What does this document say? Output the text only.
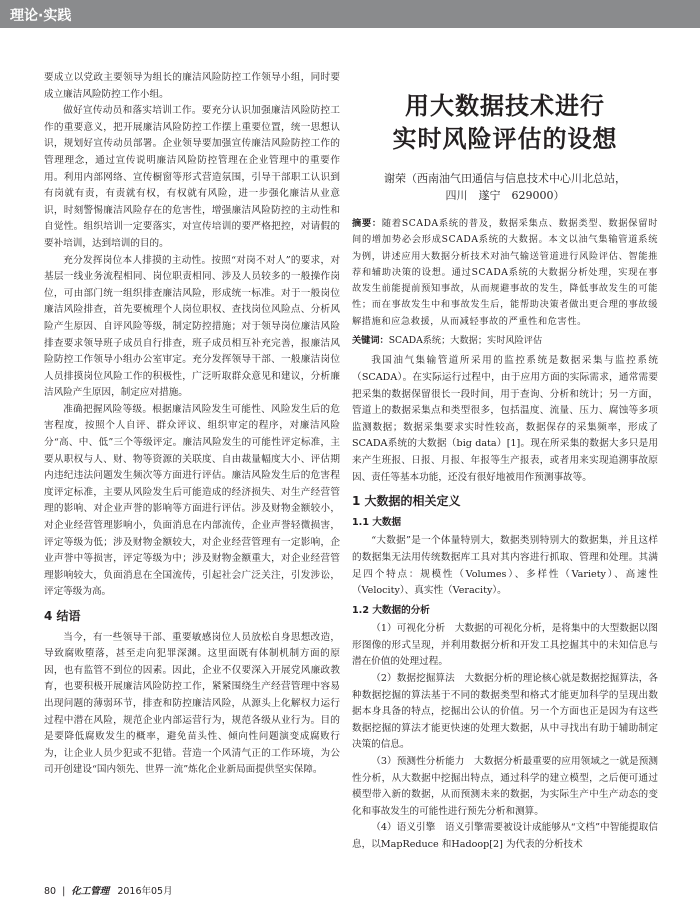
理论·实践

要成立以党政主要领导为组长的廉洁风险防控工作领导小组，同时要成立廉洁风险防控工作小组。

做好宣传动员和落实培训工作。要充分认识加强廉洁风险防控工作的重要意义，把开展廉洁风险防控工作摆上重要位置，统一思想认识，规划好宣传动员部署。企业领导要加强宣传廉洁风险防控工作的管理理念，通过宣传说明廉洁风险防控管理在企业管理中的重要作用。利用内部网络、宣传橱窗等形式营造氛围，引导干部职工认识到有岗就有责，有责就有权，有权就有风险，进一步强化廉洁从业意识，时刻警惕廉洁风险存在的危害性，增强廉洁风险防控的主动性和自觉性。组织培训一定要落实，对宣传培训的要严格把控，对请假的要补培训，达到培训的目的。

充分发挥岗位本人排摸的主动性。按照“对岗不对人”的要求，对基层一线业务流程相同、岗位职责相同、涉及人员较多的一般操作岗位，可由部门统一组织排查廉洁风险，形成统一标准。对于一般岗位廉洁风险排查，首先要梳理个人岗位职权、查找岗位风险点、分析风险产生原因、自评风险等级，制定防控措施；对于领导岗位廉洁风险排查要求领导班子成员自行排查，班子成员相互补充完善，报廉洁风险防控工作领导小组办公室审定。充分发挥领导干部、一般廉洁岗位人员排摸岗位风险工作的积极性，广泛听取群众意见和建议，分析廉洁风险产生原因，制定应对措施。

准确把握风险等级。根据廉洁风险发生可能性、风险发生后的危害程度，按照个人自评、群众评议、组织审定的程序，对廉洁风险分“高、中、低”三个等级评定。廉洁风险发生的可能性评定标准，主要从职权与人、财、物等资源的关联度、自由裁量幅度大小、评估期内违纪违法问题发生频次等方面进行评估。廉洁风险发生后的危害程度评定标准，主要从风险发生后可能造成的经济损失、对生产经营管理的影响、对企业声誉的影响等方面进行评估。涉及财物金额较小，对企业经营管理影响小，负面消息在内部流传，企业声誉轻微损害，评定等级为低；涉及财物金额较大，对企业经营管理有一定影响，企业声誉中等损害，评定等级为中；涉及财物金额重大，对企业经营管理影响较大，负面消息在全国流传，引起社会广泛关注，引发涉讼，评定等级为高。

4 结语

当今，有一些领导干部、重要敏感岗位人员放松自身思想改造，导致腐败堕落，甚至走向犯罪深渊。这里面既有体制机制方面的原因，也有监管不到位的因素。因此，企业不仅要深入开展党风廉政教育，也要积极开展廉洁风险防控工作，紧紧围绕生产经营管理中容易出现问题的薄弱环节，排查和防控廉洁风险，从源头上化解权力运行过程中潜在风险，规范企业内部运营行为，规范各级从业行为。目的是要降低腐败发生的概率，避免苗头性、倾向性问题演变成腐败行为，让企业人员少犯或不犯错。营造一个风清气正的工作环境，为公司开创建设“国内领先、世界一流”炼化企业新局面提供坚实保障。

用大数据技术进行
实时风险评估的设想
谢荣（西南油气田通信与信息技术中心川北总站，
四川　遂宁　629000）
摘要：随着SCADA系统的普及，数据采集点、数据类型、数据保留时间的增加势必会形成SCADA系统的大数据。本文以油气集输管道系统为例，讲述应用大数据分析技术对油气输送管道进行风险评估、智能推荐和辅助决策的设想。通过SCADA系统的大数据分析处理，实现在事故发生前能提前预知事故，从而规避事故的发生，降低事故发生的可能性；而在事故发生中和事故发生后，能帮助决策者做出更合理的事故缓解措施和应急救援，从而减轻事故的严重性和危害性。
关键词：SCADA系统；大数据；实时风险评估

我国油气集输管道所采用的监控系统是数据采集与监控系统（SCADA）。在实际运行过程中，由于应用方面的实际需求，通常需要把采集的数据保留很长一段时间，用于查询、分析和统计；另一方面，管道上的数据采集点和类型很多，包括温度、流量、压力、腐蚀等多项监测数据；数据采集要求实时性较高，数据保存的采集频率，形成了SCADA系统的大数据（big data）[1]。现在所采集的数据大多只是用来产生班报、日报、月报、年报等生产报表，或者用来实现追溯事故原因、责任等基本功能，还没有很好地被用作预测事故等。

1 大数据的相关定义
1.1 大数据

“大数据”是一个体量特别大，数据类别特别大的数据集，并且这样的数据集无法用传统数据库工具对其内容进行抓取、管理和处理。其满足四个特点：规模性（Volumes）、多样性（Variety）、高速性（Velocity）、真实性（Veracity）。

1.2 大数据的分析

（1）可视化分析　大数据的可视化分析，是将集中的大型数据以图形图像的形式呈现，并利用数据分析和开发工具挖掘其中的未知信息与潜在价值的处理过程。

（2）数据挖掘算法　大数据分析的理论核心就是数据挖掘算法，各种数据挖掘的算法基于不同的数据类型和格式才能更加科学的呈现出数据本身具备的特点，挖掘出公认的价值。另一个方面也正是因为有这些数据挖掘的算法才能更快速的处理大数据，从中寻找出有助于辅助制定决策的信息。

（3）预测性分析能力　大数据分析最重要的应用领域之一就是预测性分析，从大数据中挖掘出特点，通过科学的建立模型，之后便可通过模型带入新的数据，从而预测未来的数据，为实际生产中生产动态的变化和事故发生的可能性进行预先分析和测算。

（4）语义引擎　语义引擎需要被设计成能够从“文档”中智能提取信息，以MapReduce 和Hadoop[2] 为代表的分析技术

80 | 化工管理 2016年05月
